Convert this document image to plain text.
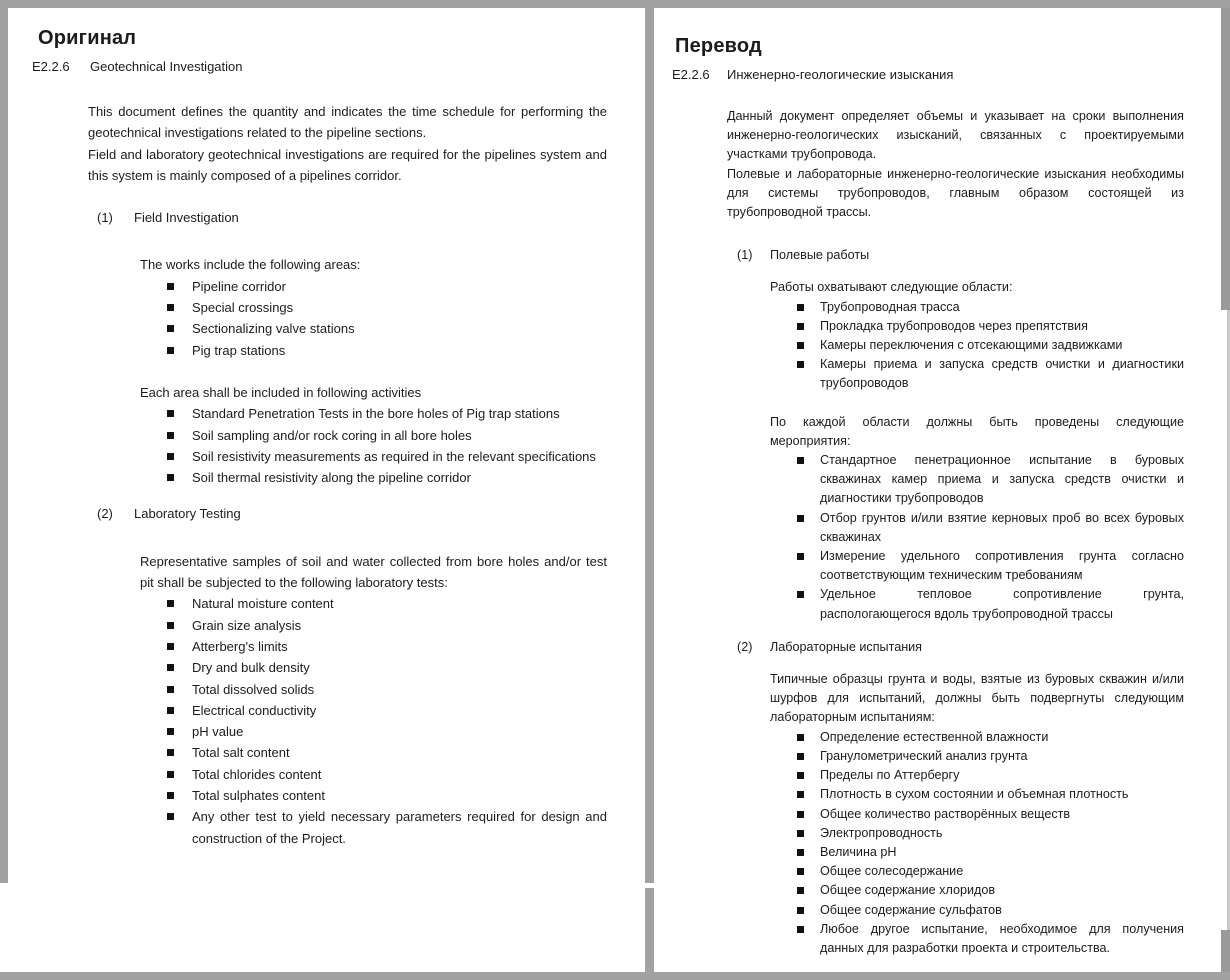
Оригинал
E2.2.6	Geotechnical Investigation

This document defines the quantity and indicates the time schedule for performing the geotechnical investigations related to the pipeline sections.

Field and laboratory geotechnical investigations are required for the pipelines system and this system is mainly composed of a pipelines corridor.

(1)	Field Investigation

The works include the following areas:

Pipeline corridor
Special crossings
Sectionalizing valve stations
Pig trap stations

Each area shall be included in following activities

Standard Penetration Tests in the bore holes of Pig trap stations
Soil sampling and/or rock coring in all bore holes
Soil resistivity measurements as required in the relevant specifications
Soil thermal resistivity along the pipeline corridor
(2)	Laboratory Testing

Representative samples of soil and water collected from bore holes and/or test pit shall be subjected to the following laboratory tests:

Natural moisture content
Grain size analysis
Atterberg's limits
Dry and bulk density
Total dissolved solids
Electrical conductivity
pH value
Total salt content
Total chlorides content
Total sulphates content
Any other test to yield necessary parameters required for design and construction of the Project.
Перевод
E2.2.6	Инженерно-геологические изыскания

Данный документ определяет объемы и указывает на сроки выполнения инженерно-геологических изысканий, связанных с проектируемыми участками трубопровода.

Полевые и лабораторные инженерно-геологические изыскания необходимы для системы трубопроводов, главным образом состоящей из трубопроводной трассы.

(1)	Полевые работы

Работы охватывают следующие области:

Трубопроводная трасса
Прокладка трубопроводов через препятствия
Камеры переключения с отсекающими задвижками
Камеры приема и запуска средств очистки и диагностики трубопроводов

По каждой области должны быть проведены следующие мероприятия:

Стандартное пенетрационное испытание в буровых скважинах камер приема и запуска средств очистки и диагностики трубопроводов
Отбор грунтов и/или взятие керновых проб во всех буровых скважинах
Измерение удельного сопротивления грунта согласно соответствующим техническим требованиям
Удельное тепловое сопротивление грунта, распологающегося вдоль трубопроводной трассы
(2)	Лабораторные испытания

Типичные образцы грунта и воды, взятые из буровых скважин и/или шурфов для испытаний, должны быть подвергнуты следующим лабораторным испытаниям:

Определение естественной влажности
Гранулометрический анализ грунта
Пределы по Аттербергу
Плотность в сухом состоянии и объемная плотность
Общее количество растворённых веществ
Электропроводность
Величина pH
Общее солесодержание
Общее содержание хлоридов
Общее содержание сульфатов
Любое другое испытание, необходимое для получения данных для разработки проекта и строительства.
